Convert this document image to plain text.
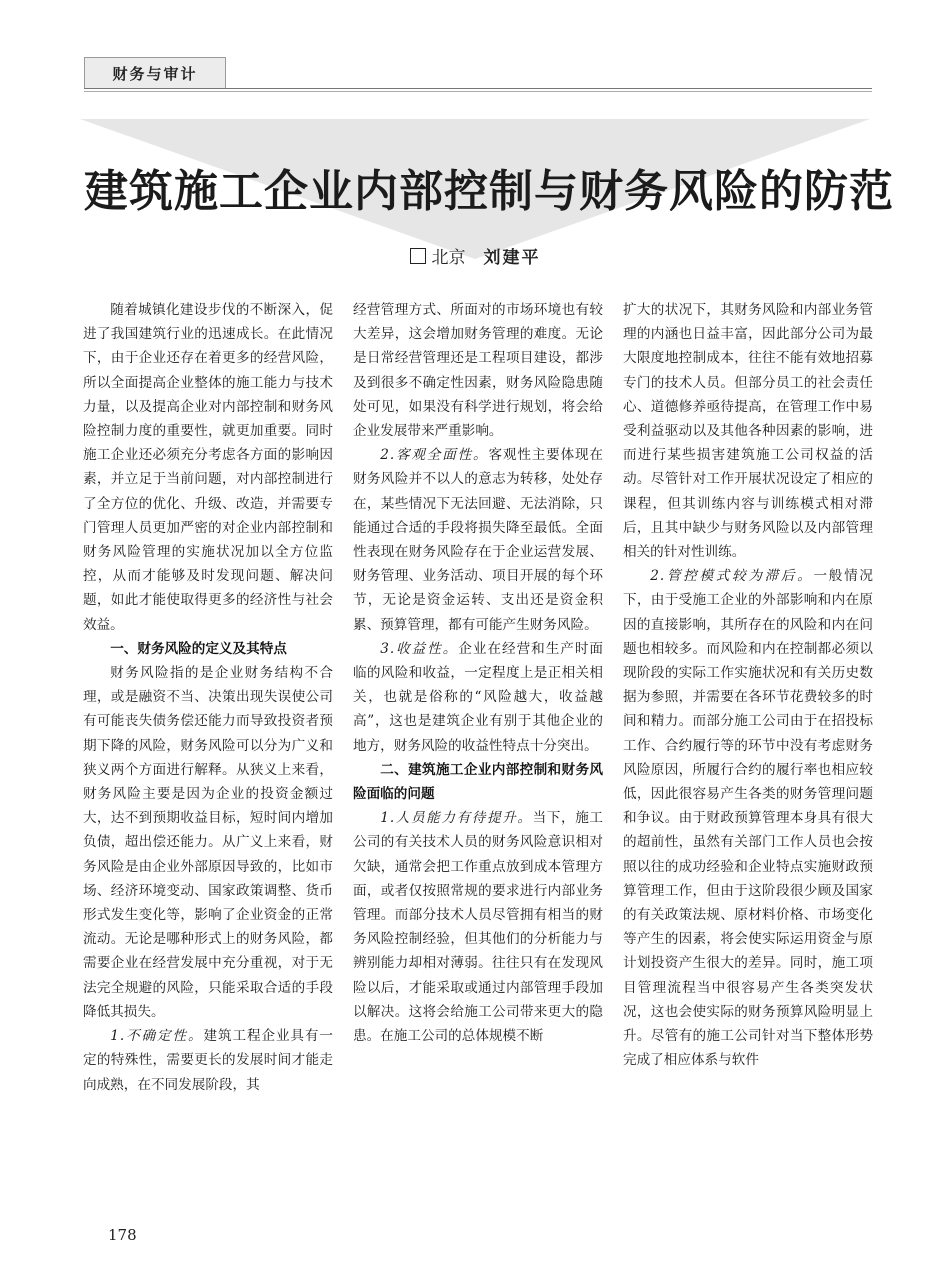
财务与审计
建筑施工企业内部控制与财务风险的防范
北京 刘建平

随着城镇化建设步伐的不断深入，促进了我国建筑行业的迅速成长。在此情况下，由于企业还存在着更多的经营风险，所以全面提高企业整体的施工能力与技术力量，以及提高企业对内部控制和财务风险控制力度的重要性，就更加重要。同时施工企业还必须充分考虑各方面的影响因素，并立足于当前问题，对内部控制进行了全方位的优化、升级、改造，并需要专门管理人员更加严密的对企业内部控制和财务风险管理的实施状况加以全方位监控，从而才能够及时发现问题、解决问题，如此才能使取得更多的经济性与社会效益。

一、财务风险的定义及其特点

财务风险指的是企业财务结构不合理，或是融资不当、决策出现失误使公司有可能丧失债务偿还能力而导致投资者预期下降的风险，财务风险可以分为广义和狭义两个方面进行解释。从狭义上来看，财务风险主要是因为企业的投资金额过大，达不到预期收益目标，短时间内增加负债，超出偿还能力。从广义上来看，财务风险是由企业外部原因导致的，比如市场、经济环境变动、国家政策调整、货币形式发生变化等，影响了企业资金的正常流动。无论是哪种形式上的财务风险，都需要企业在经营发展中充分重视，对于无法完全规避的风险，只能采取合适的手段降低其损失。

1.不确定性。建筑工程企业具有一定的特殊性，需要更长的发展时间才能走向成熟，在不同发展阶段，其

经营管理方式、所面对的市场环境也有较大差异，这会增加财务管理的难度。无论是日常经营管理还是工程项目建设，都涉及到很多不确定性因素，财务风险隐患随处可见，如果没有科学进行规划，将会给企业发展带来严重影响。

2.客观全面性。客观性主要体现在财务风险并不以人的意志为转移，处处存在，某些情况下无法回避、无法消除，只能通过合适的手段将损失降至最低。全面性表现在财务风险存在于企业运营发展、财务管理、业务活动、项目开展的每个环节，无论是资金运转、支出还是资金积累、预算管理，都有可能产生财务风险。

3.收益性。企业在经营和生产时面临的风险和收益，一定程度上是正相关相关，也就是俗称的“风险越大，收益越高”，这也是建筑企业有别于其他企业的地方，财务风险的收益性特点十分突出。

二、建筑施工企业内部控制和财务风险面临的问题

1.人员能力有待提升。当下，施工公司的有关技术人员的财务风险意识相对欠缺，通常会把工作重点放到成本管理方面，或者仅按照常规的要求进行内部业务管理。而部分技术人员尽管拥有相当的财务风险控制经验，但其他们的分析能力与辨别能力却相对薄弱。往往只有在发现风险以后，才能采取或通过内部管理手段加以解决。这将会给施工公司带来更大的隐患。在施工公司的总体规模不断

扩大的状况下，其财务风险和内部业务管理的内涵也日益丰富，因此部分公司为最大限度地控制成本，往往不能有效地招募专门的技术人员。但部分员工的社会责任心、道德修养亟待提高，在管理工作中易受利益驱动以及其他各种因素的影响，进而进行某些损害建筑施工公司权益的活动。尽管针对工作开展状况设定了相应的课程，但其训练内容与训练模式相对滞后，且其中缺少与财务风险以及内部管理相关的针对性训练。

2.管控模式较为滞后。一般情况下，由于受施工企业的外部影响和内在原因的直接影响，其所存在的风险和内在问题也相较多。而风险和内在控制都必须以现阶段的实际工作实施状况和有关历史数据为参照，并需要在各环节花费较多的时间和精力。而部分施工公司由于在招投标工作、合约履行等的环节中没有考虑财务风险原因，所履行合约的履行率也相应较低，因此很容易产生各类的财务管理问题和争议。由于财政预算管理本身具有很大的超前性，虽然有关部门工作人员也会按照以往的成功经验和企业特点实施财政预算管理工作，但由于这阶段很少顾及国家的有关政策法规、原材料价格、市场变化等产生的因素，将会使实际运用资金与原计划投资产生很大的差异。同时，施工项目管理流程当中很容易产生各类突发状况，这也会使实际的财务预算风险明显上升。尽管有的施工公司针对当下整体形势完成了相应体系与软件

178
